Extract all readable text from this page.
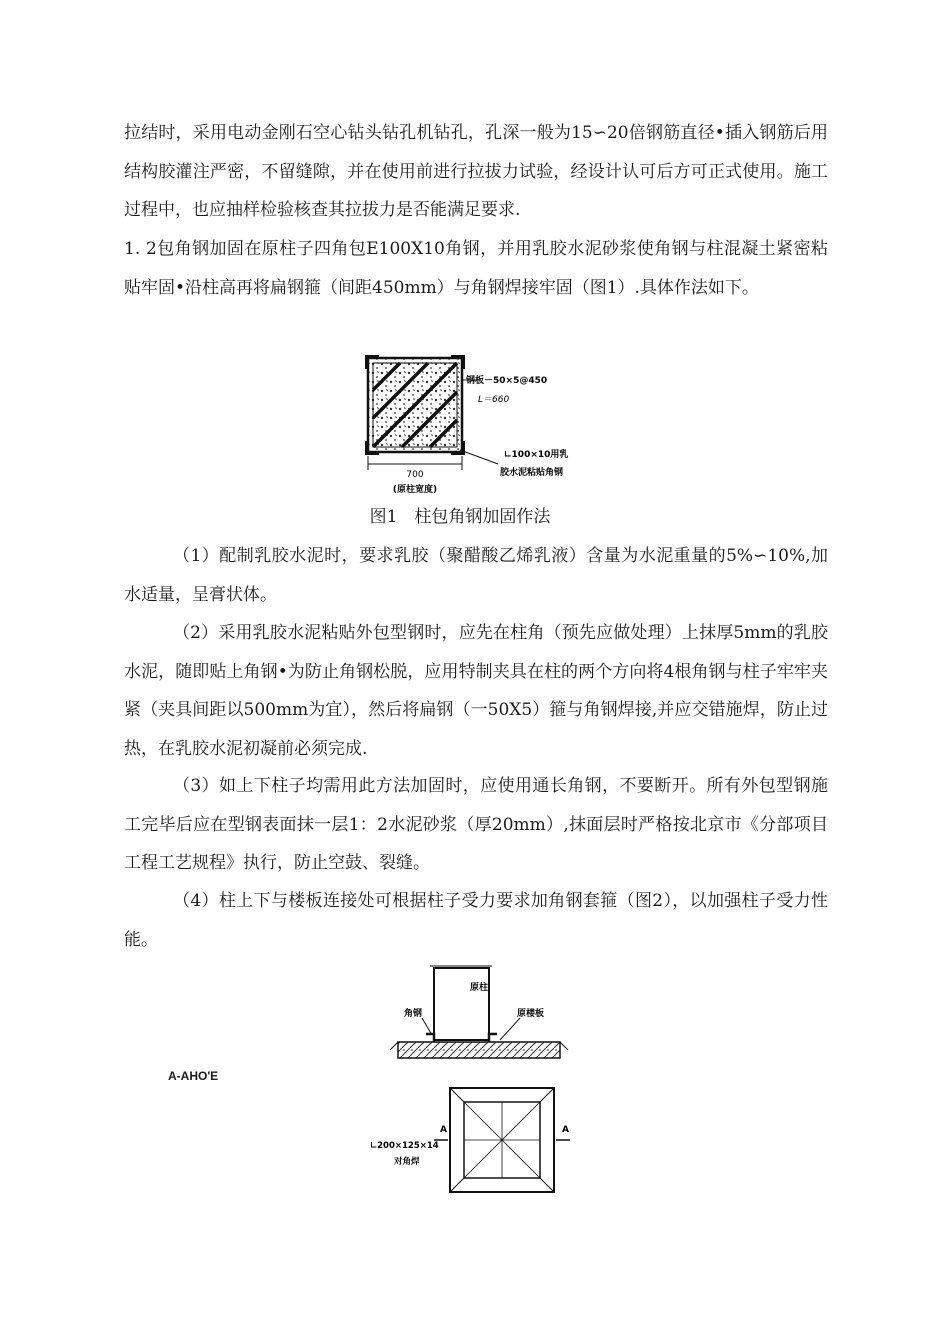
拉结时，采用电动金刚石空心钻头钻孔机钻孔，孔深一般为15∽20倍钢筋直径•插入钢筋后用结构胶灌注严密，不留缝隙，并在使用前进行拉拔力试验，经设计认可后方可正式使用。施工过程中，也应抽样检验核查其拉拔力是否能满足要求.

1. 2包角钢加固在原柱子四角包E100X10角钢，并用乳胶水泥砂浆使角钢与柱混凝土紧密粘贴牢固•沿柱高再将扁钢箍（间距450mm）与角钢焊接牢固（图1）.具体作法如下。

钢板－50×5@450
L＝660
∟100×10用乳
胶水泥粘贴角钢
700
(原柱宽度)

图1　柱包角钢加固作法

（1）配制乳胶水泥时，要求乳胶（聚醋酸乙烯乳液）含量为水泥重量的5%∽10%,加水适量，呈膏状体。

（2）采用乳胶水泥粘贴外包型钢时，应先在柱角（预先应做处理）上抹厚5mm的乳胶水泥，随即贴上角钢•为防止角钢松脱，应用特制夹具在柱的两个方向将4根角钢与柱子牢牢夹紧（夹具间距以500mm为宜），然后将扁钢（一50X5）箍与角钢焊接,并应交错施焊，防止过热，在乳胶水泥初凝前必须完成.

（3）如上下柱子均需用此方法加固时，应使用通长角钢，不要断开。所有外包型钢施工完毕后应在型钢表面抹一层1：2水泥砂浆（厚20mm）,抹面层时严格按北京市《分部项目工程工艺规程》执行，防止空鼓、裂缝。

（4）柱上下与楼板连接处可根据柱子受力要求加角钢套箍（图2），以加强柱子受力性能。

A-AHO'E

原柱
角钢	原楼板
A	A
∟200×125×14
对角焊
